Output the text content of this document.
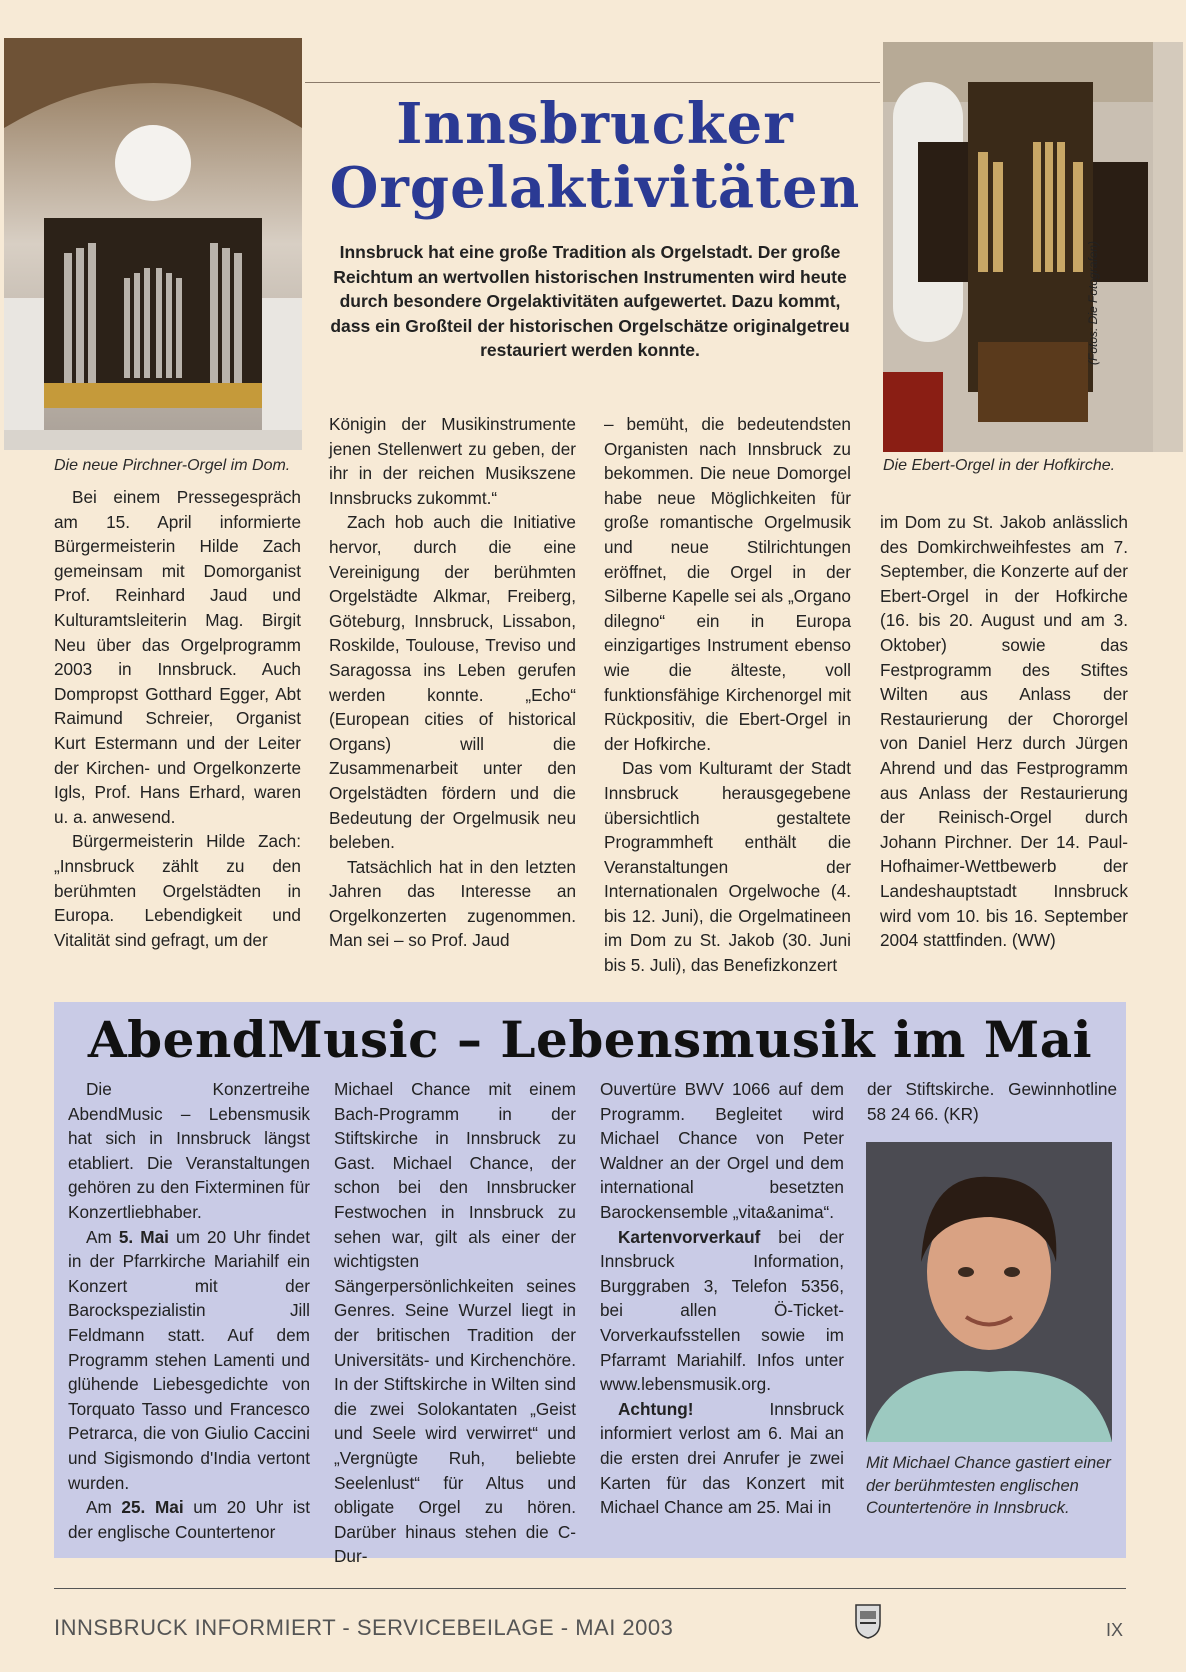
Die neue Pirchner-Orgel im Dom.
(Fotos: Die Fotografen)
Die Ebert-Orgel in der Hofkirche.
Innsbrucker
Orgelaktivitäten
Innsbruck hat eine große Tradition als Orgelstadt. Der große Reichtum an wertvollen historischen Instrumenten wird heute durch besondere Orgelaktivitäten aufgewertet. Dazu kommt, dass ein Großteil der historischen Orgelschätze originalgetreu restauriert werden konnte.

Bei einem Pressegespräch am 15. April informierte Bürgermeisterin Hilde Zach gemeinsam mit Domorganist Prof. Reinhard Jaud und Kulturamtsleiterin Mag. Birgit Neu über das Orgelprogramm 2003 in Innsbruck. Auch Dompropst Gotthard Egger, Abt Raimund Schreier, Organist Kurt Estermann und der Leiter der Kirchen- und Orgelkonzerte Igls, Prof. Hans Erhard, waren u. a. anwesend.

Bürgermeisterin Hilde Zach: „Innsbruck zählt zu den berühmten Orgelstädten in Europa. Lebendigkeit und Vitalität sind gefragt, um der

Königin der Musikinstrumente jenen Stellenwert zu geben, der ihr in der reichen Musikszene Innsbrucks zukommt.“

Zach hob auch die Initiative hervor, durch die eine Vereinigung der berühmten Orgelstädte Alkmar, Freiberg, Göteburg, Innsbruck, Lissabon, Roskilde, Toulouse, Treviso und Saragossa ins Leben gerufen werden konnte. „Echo“ (European cities of historical Organs) will die Zusammenarbeit unter den Orgelstädten fördern und die Bedeutung der Orgelmusik neu beleben.

Tatsächlich hat in den letzten Jahren das Interesse an Orgelkonzerten zugenommen. Man sei – so Prof. Jaud

– bemüht, die bedeutendsten Organisten nach Innsbruck zu bekommen. Die neue Domorgel habe neue Möglichkeiten für große romantische Orgelmusik und neue Stilrichtungen eröffnet, die Orgel in der Silberne Kapelle sei als „Organo dilegno“ ein in Europa einzigartiges Instrument ebenso wie die älteste, voll funktionsfähige Kirchenorgel mit Rückpositiv, die Ebert-Orgel in der Hofkirche.

Das vom Kulturamt der Stadt Innsbruck herausgegebene übersichtlich gestaltete Programmheft enthält die Veranstaltungen der Internationalen Orgelwoche (4. bis 12. Juni), die Orgelmatineen im Dom zu St. Jakob (30. Juni bis 5. Juli), das Benefizkonzert

im Dom zu St. Jakob anlässlich des Domkirchweihfestes am 7. September, die Konzerte auf der Ebert-Orgel in der Hofkirche (16. bis 20. August und am 3. Oktober) sowie das Festprogramm des Stiftes Wilten aus Anlass der Restaurierung der Chororgel von Daniel Herz durch Jürgen Ahrend und das Festprogramm aus Anlass der Restaurierung der Reinisch-Orgel durch Johann Pirchner. Der 14. Paul-Hofhaimer-Wettbewerb der Landeshauptstadt Innsbruck wird vom 10. bis 16. September 2004 stattfinden. (WW)

AbendMusic – Lebensmusik im Mai

Die Konzertreihe AbendMusic – Lebensmusik hat sich in Innsbruck längst etabliert. Die Veranstaltungen gehören zu den Fixterminen für Konzertliebhaber.

Am 5. Mai um 20 Uhr findet in der Pfarrkirche Mariahilf ein Konzert mit der Barockspezialistin Jill Feldmann statt. Auf dem Programm stehen Lamenti und glühende Liebesgedichte von Torquato Tasso und Francesco Petrarca, die von Giulio Caccini und Sigismondo d'India vertont wurden.

Am 25. Mai um 20 Uhr ist der englische Countertenor

Michael Chance mit einem Bach-Programm in der Stiftskirche in Innsbruck zu Gast. Michael Chance, der schon bei den Innsbrucker Festwochen in Innsbruck zu sehen war, gilt als einer der wichtigsten Sängerpersönlichkeiten seines Genres. Seine Wurzel liegt in der britischen Tradition der Universitäts- und Kirchenchöre. In der Stiftskirche in Wilten sind die zwei Solokantaten „Geist und Seele wird verwirret“ und „Vergnügte Ruh, beliebte Seelenlust“ für Altus und obligate Orgel zu hören. Darüber hinaus stehen die C-Dur-

Ouvertüre BWV 1066 auf dem Programm. Begleitet wird Michael Chance von Peter Waldner an der Orgel und dem international besetzten Barockensemble „vita&anima“.

Kartenvorverkauf bei der Innsbruck Information, Burggraben 3, Telefon 5356, bei allen Ö-Ticket-Vorverkaufsstellen sowie im Pfarramt Mariahilf. Infos unter www.lebensmusik.org.

Achtung! Innsbruck informiert verlost am 6. Mai an die ersten drei Anrufer je zwei Karten für das Konzert mit Michael Chance am 25. Mai in

der Stiftskirche. Gewinnhotline 58 24 66. (KR)

Mit Michael Chance gastiert einer der berühmtesten englischen Countertenöre in Innsbruck.
INNSBRUCK INFORMIERT - SERVICEBEILAGE - MAI 2003	IX
